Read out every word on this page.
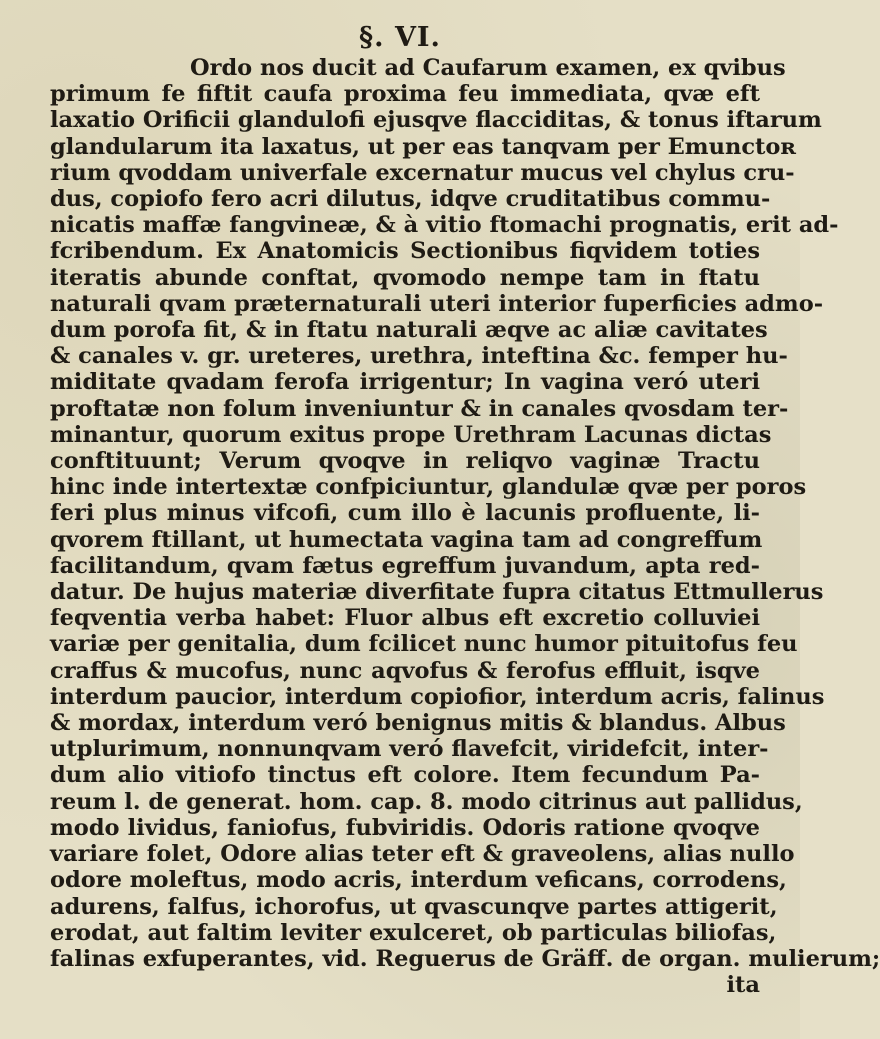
§. VI.
Ordo nos ducit ad Caufarum examen, ex qvibus
primum fe fiftit caufa proxima feu immediata, qvæ eft
laxatio Orificii glandulofi ejusqve flacciditas, & tonus iftarum
glandularum ita laxatus, ut per eas tanqvam per Emunctoʀ
rium qvoddam univerfale excernatur mucus vel chylus cru-
dus, copiofo fero acri dilutus, idqve cruditatibus commu-
nicatis maffæ fangvineæ, & à vitio ftomachi prognatis, erit ad-
fcribendum. Ex Anatomicis Sectionibus fiqvidem toties
iteratis abunde conftat, qvomodo nempe tam in ftatu
naturali qvam præternaturali uteri interior fuperficies admo-
dum porofa fit, & in ftatu naturali æqve ac aliæ cavitates
& canales v. gr. ureteres, urethra, inteftina &c. femper hu-
miditate qvadam ferofa irrigentur; In vagina veró uteri
proftatæ non folum inveniuntur & in canales qvosdam ter-
minantur, quorum exitus prope Urethram Lacunas dictas
conftituunt; Verum qvoqve in reliqvo vaginæ Tractu
hinc inde intertextæ confpiciuntur, glandulæ qvæ per poros
feri plus minus vifcofi, cum illo è lacunis profluente, li-
qvorem ftillant, ut humectata vagina tam ad congreffum
facilitandum, qvam fætus egreffum juvandum, apta red-
datur. De hujus materiæ diverfitate fupra citatus Ettmullerus
feqventia verba habet: Fluor albus eft excretio colluviei
variæ per genitalia, dum fcilicet nunc humor pituitofus feu
craffus & mucofus, nunc aqvofus & ferofus effluit, isqve
interdum paucior, interdum copiofior, interdum acris, falinus
& mordax, interdum veró benignus mitis & blandus. Albus
utplurimum, nonnunqvam veró flavefcit, viridefcit, inter-
dum alio vitiofo tinctus eft colore. Item fecundum Pa-
reum l. de generat. hom. cap. 8. modo citrinus aut pallidus,
modo lividus, faniofus, fubviridis. Odoris ratione qvoqve
variare folet, Odore alias teter eft & graveolens, alias nullo
odore moleftus, modo acris, interdum veficans, corrodens,
adurens, falfus, ichorofus, ut qvascunqve partes attigerit,
erodat, aut faltim leviter exulceret, ob particulas biliofas,
falinas exfuperantes, vid. Reguerus de Gräff. de organ. mulierum;
ita
